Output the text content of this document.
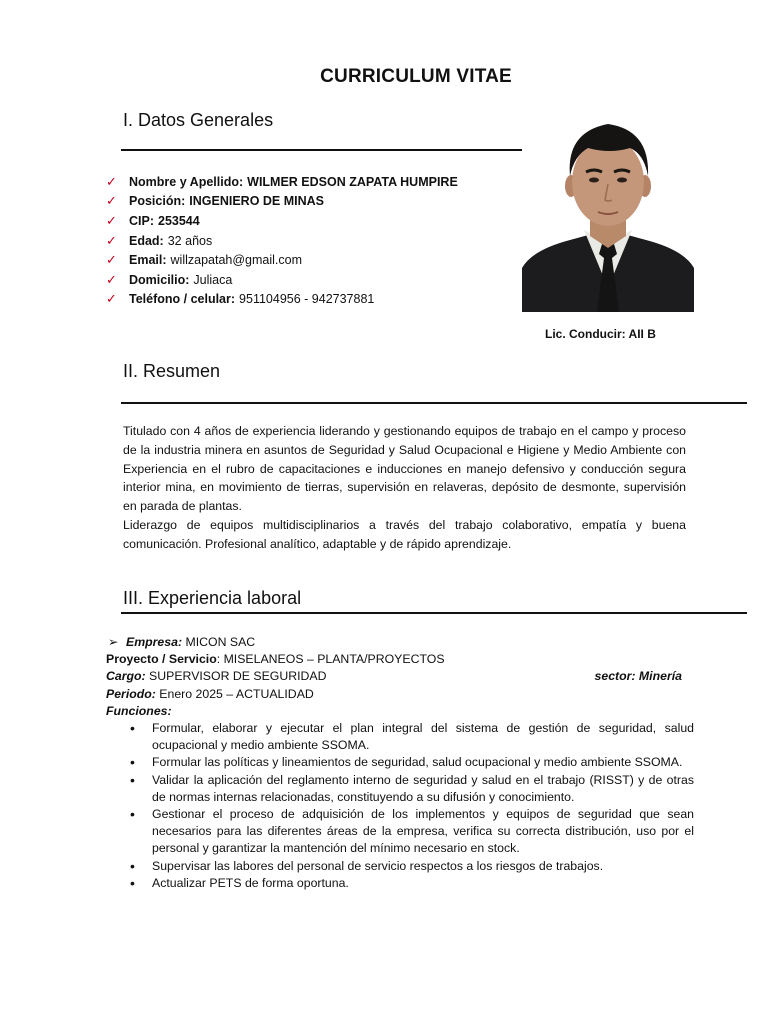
CURRICULUM VITAE
I. Datos Generales
✓ Nombre y Apellido: WILMER EDSON ZAPATA HUMPIRE
✓ Posición: INGENIERO DE MINAS
✓ CIP: 253544
✓ Edad: 32 años
✓ Email: willzapatah@gmail.com
✓ Domicilio: Juliaca
✓ Teléfono / celular: 951104956 - 942737881
Lic. Conducir: AII B
II. Resumen

Titulado con 4 años de experiencia liderando y gestionando equipos de trabajo en el campo y proceso de la industria minera en asuntos de Seguridad y Salud Ocupacional e Higiene y Medio Ambiente con Experiencia en el rubro de capacitaciones e inducciones en manejo defensivo y conducción segura interior mina, en movimiento de tierras, supervisión en relaveras, depósito de desmonte, supervisión en parada de plantas.

Liderazgo de equipos multidisciplinarios a través del trabajo colaborativo, empatía y buena comunicación. Profesional analítico, adaptable y de rápido aprendizaje.

III. Experiencia laboral
➢ Empresa: MICON SAC
Proyecto / Servicio: MISELANEOS – PLANTA/PROYECTOS
Cargo: SUPERVISOR DE SEGURIDAD	sector: Minería
Periodo: Enero 2025 – ACTUALIDAD
Funciones:
• Formular, elaborar y ejecutar el plan integral del sistema de gestión de seguridad, salud ocupacional y medio ambiente SSOMA.
• Formular las políticas y lineamientos de seguridad, salud ocupacional y medio ambiente SSOMA.
• Validar la aplicación del reglamento interno de seguridad y salud en el trabajo (RISST) y de otras de normas internas relacionadas, constituyendo a su difusión y conocimiento.
• Gestionar el proceso de adquisición de los implementos y equipos de seguridad que sean necesarios para las diferentes áreas de la empresa, verifica su correcta distribución, uso por el personal y garantizar la mantención del mínimo necesario en stock.
• Supervisar las labores del personal de servicio respectos a los riesgos de trabajos.
• Actualizar PETS de forma oportuna.
